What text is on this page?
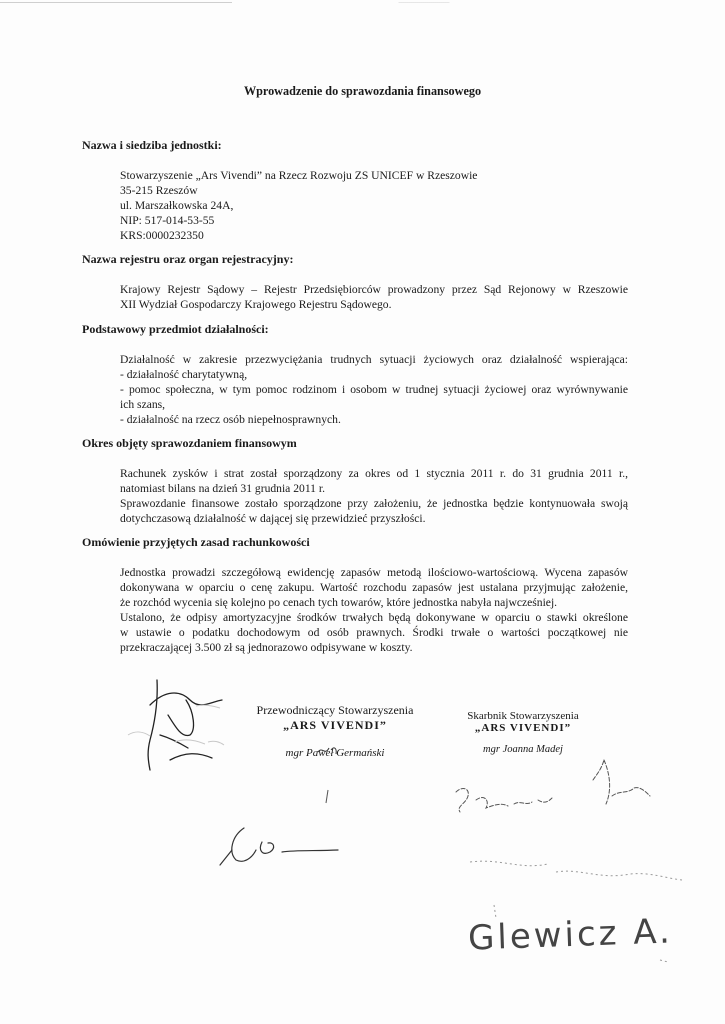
Wprowadzenie do sprawozdania finansowego
Nazwa i siedziba jednostki:
Stowarzyszenie „Ars Vivendi” na Rzecz Rozwoju ZS UNICEF w Rzeszowie
35-215 Rzeszów
ul. Marszałkowska 24A,
NIP: 517-014-53-55
KRS:0000232350
Nazwa rejestru oraz organ rejestracyjny:
Krajowy Rejestr Sądowy – Rejestr Przedsiębiorców prowadzony przez Sąd Rejonowy w Rzeszowie
XII Wydział Gospodarczy Krajowego Rejestru Sądowego.
Podstawowy przedmiot działalności:
Działalność w zakresie przezwyciężania trudnych sytuacji życiowych oraz działalność wspierająca:
- działalność charytatywną,
- pomoc społeczna, w tym pomoc rodzinom i osobom w trudnej sytuacji życiowej oraz wyrównywanie
ich szans,
- działalność na rzecz osób niepełnosprawnych.
Okres objęty sprawozdaniem finansowym
Rachunek zysków i strat został sporządzony za okres od 1 stycznia 2011 r. do 31 grudnia 2011 r.,
natomiast bilans na dzień 31 grudnia 2011 r.
Sprawozdanie finansowe zostało sporządzone przy założeniu, że jednostka będzie kontynuowała swoją
dotychczasową działalność w dającej się przewidzieć przyszłości.
Omówienie przyjętych zasad rachunkowości
Jednostka prowadzi szczegółową ewidencję zapasów metodą ilościowo-wartościową. Wycena zapasów
dokonywana w oparciu o cenę zakupu. Wartość rozchodu zapasów jest ustalana przyjmując założenie,
że rozchód wycenia się kolejno po cenach tych towarów, które jednostka nabyła najwcześniej.
Ustalono, że odpisy amortyzacyjne środków trwałych będą dokonywane w oparciu o stawki określone
w ustawie o podatku dochodowym od osób prawnych. Środki trwałe o wartości początkowej nie
przekraczającej 3.500 zł są jednorazowo odpisywane w koszty.
Przewodniczący Stowarzyszenia
„ARS VIVENDI”
mgr Paweł Germański
Skarbnik Stowarzyszenia
„ARS VIVENDI”
mgr Joanna Madej
Glewicz A.
